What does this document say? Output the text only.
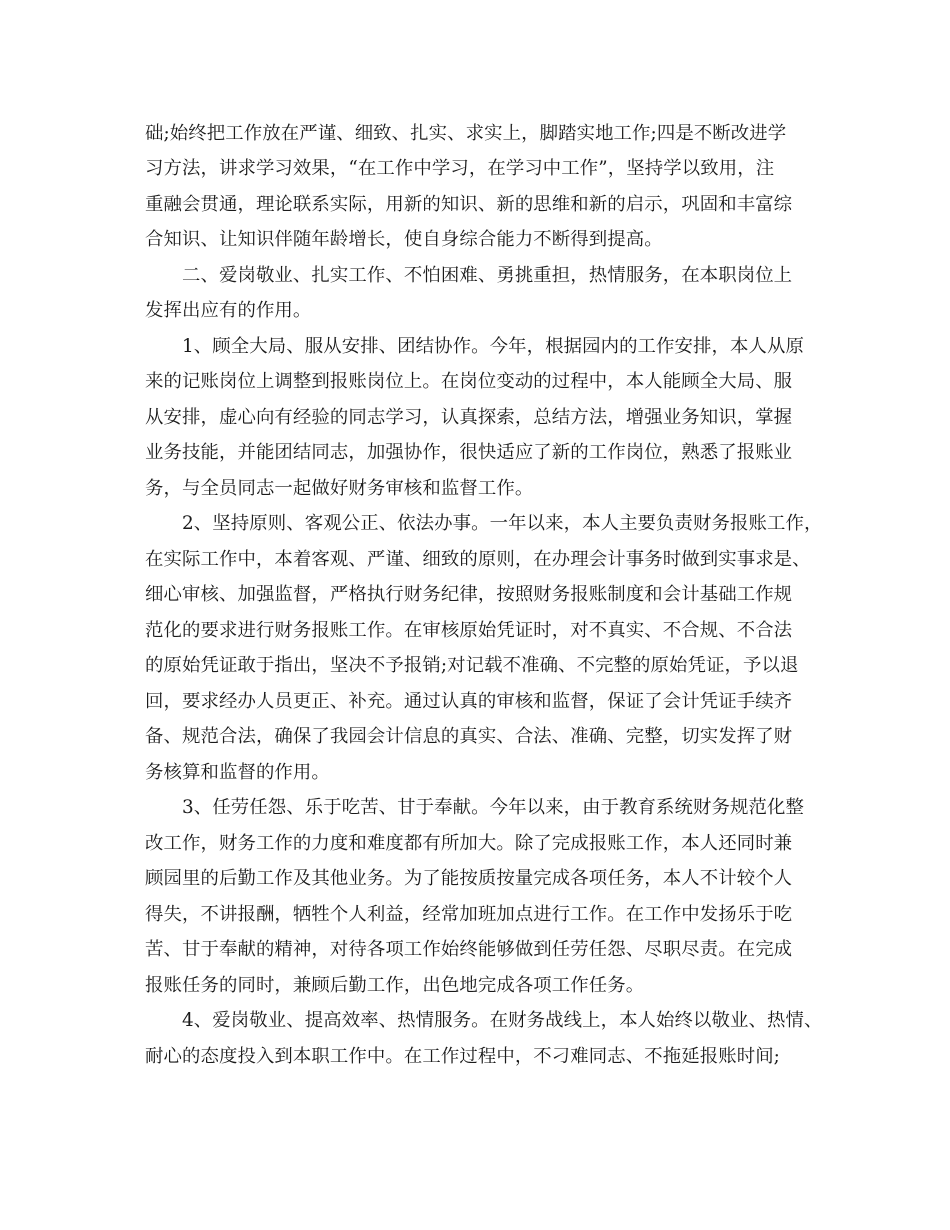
础;始终把工作放在严谨、细致、扎实、求实上，脚踏实地工作;四是不断改进学
习方法，讲求学习效果，“在工作中学习，在学习中工作”，坚持学以致用，注
重融会贯通，理论联系实际，用新的知识、新的思维和新的启示，巩固和丰富综
合知识、让知识伴随年龄增长，使自身综合能力不断得到提高。
　　二、爱岗敬业、扎实工作、不怕困难、勇挑重担，热情服务，在本职岗位上
发挥出应有的作用。
　　1、顾全大局、服从安排、团结协作。今年，根据园内的工作安排，本人从原
来的记账岗位上调整到报账岗位上。在岗位变动的过程中，本人能顾全大局、服
从安排，虚心向有经验的同志学习，认真探索，总结方法，增强业务知识，掌握
业务技能，并能团结同志，加强协作，很快适应了新的工作岗位，熟悉了报账业
务，与全员同志一起做好财务审核和监督工作。
　　2、坚持原则、客观公正、依法办事。一年以来，本人主要负责财务报账工作，
在实际工作中，本着客观、严谨、细致的原则，在办理会计事务时做到实事求是、
细心审核、加强监督，严格执行财务纪律，按照财务报账制度和会计基础工作规
范化的要求进行财务报账工作。在审核原始凭证时，对不真实、不合规、不合法
的原始凭证敢于指出，坚决不予报销;对记载不准确、不完整的原始凭证，予以退
回，要求经办人员更正、补充。通过认真的审核和监督，保证了会计凭证手续齐
备、规范合法，确保了我园会计信息的真实、合法、准确、完整，切实发挥了财
务核算和监督的作用。
　　3、任劳任怨、乐于吃苦、甘于奉献。今年以来，由于教育系统财务规范化整
改工作，财务工作的力度和难度都有所加大。除了完成报账工作，本人还同时兼
顾园里的后勤工作及其他业务。为了能按质按量完成各项任务，本人不计较个人
得失，不讲报酬，牺牲个人利益，经常加班加点进行工作。在工作中发扬乐于吃
苦、甘于奉献的精神，对待各项工作始终能够做到任劳任怨、尽职尽责。在完成
报账任务的同时，兼顾后勤工作，出色地完成各项工作任务。
　　4、爱岗敬业、提高效率、热情服务。在财务战线上，本人始终以敬业、热情、
耐心的态度投入到本职工作中。在工作过程中，不刁难同志、不拖延报账时间;
